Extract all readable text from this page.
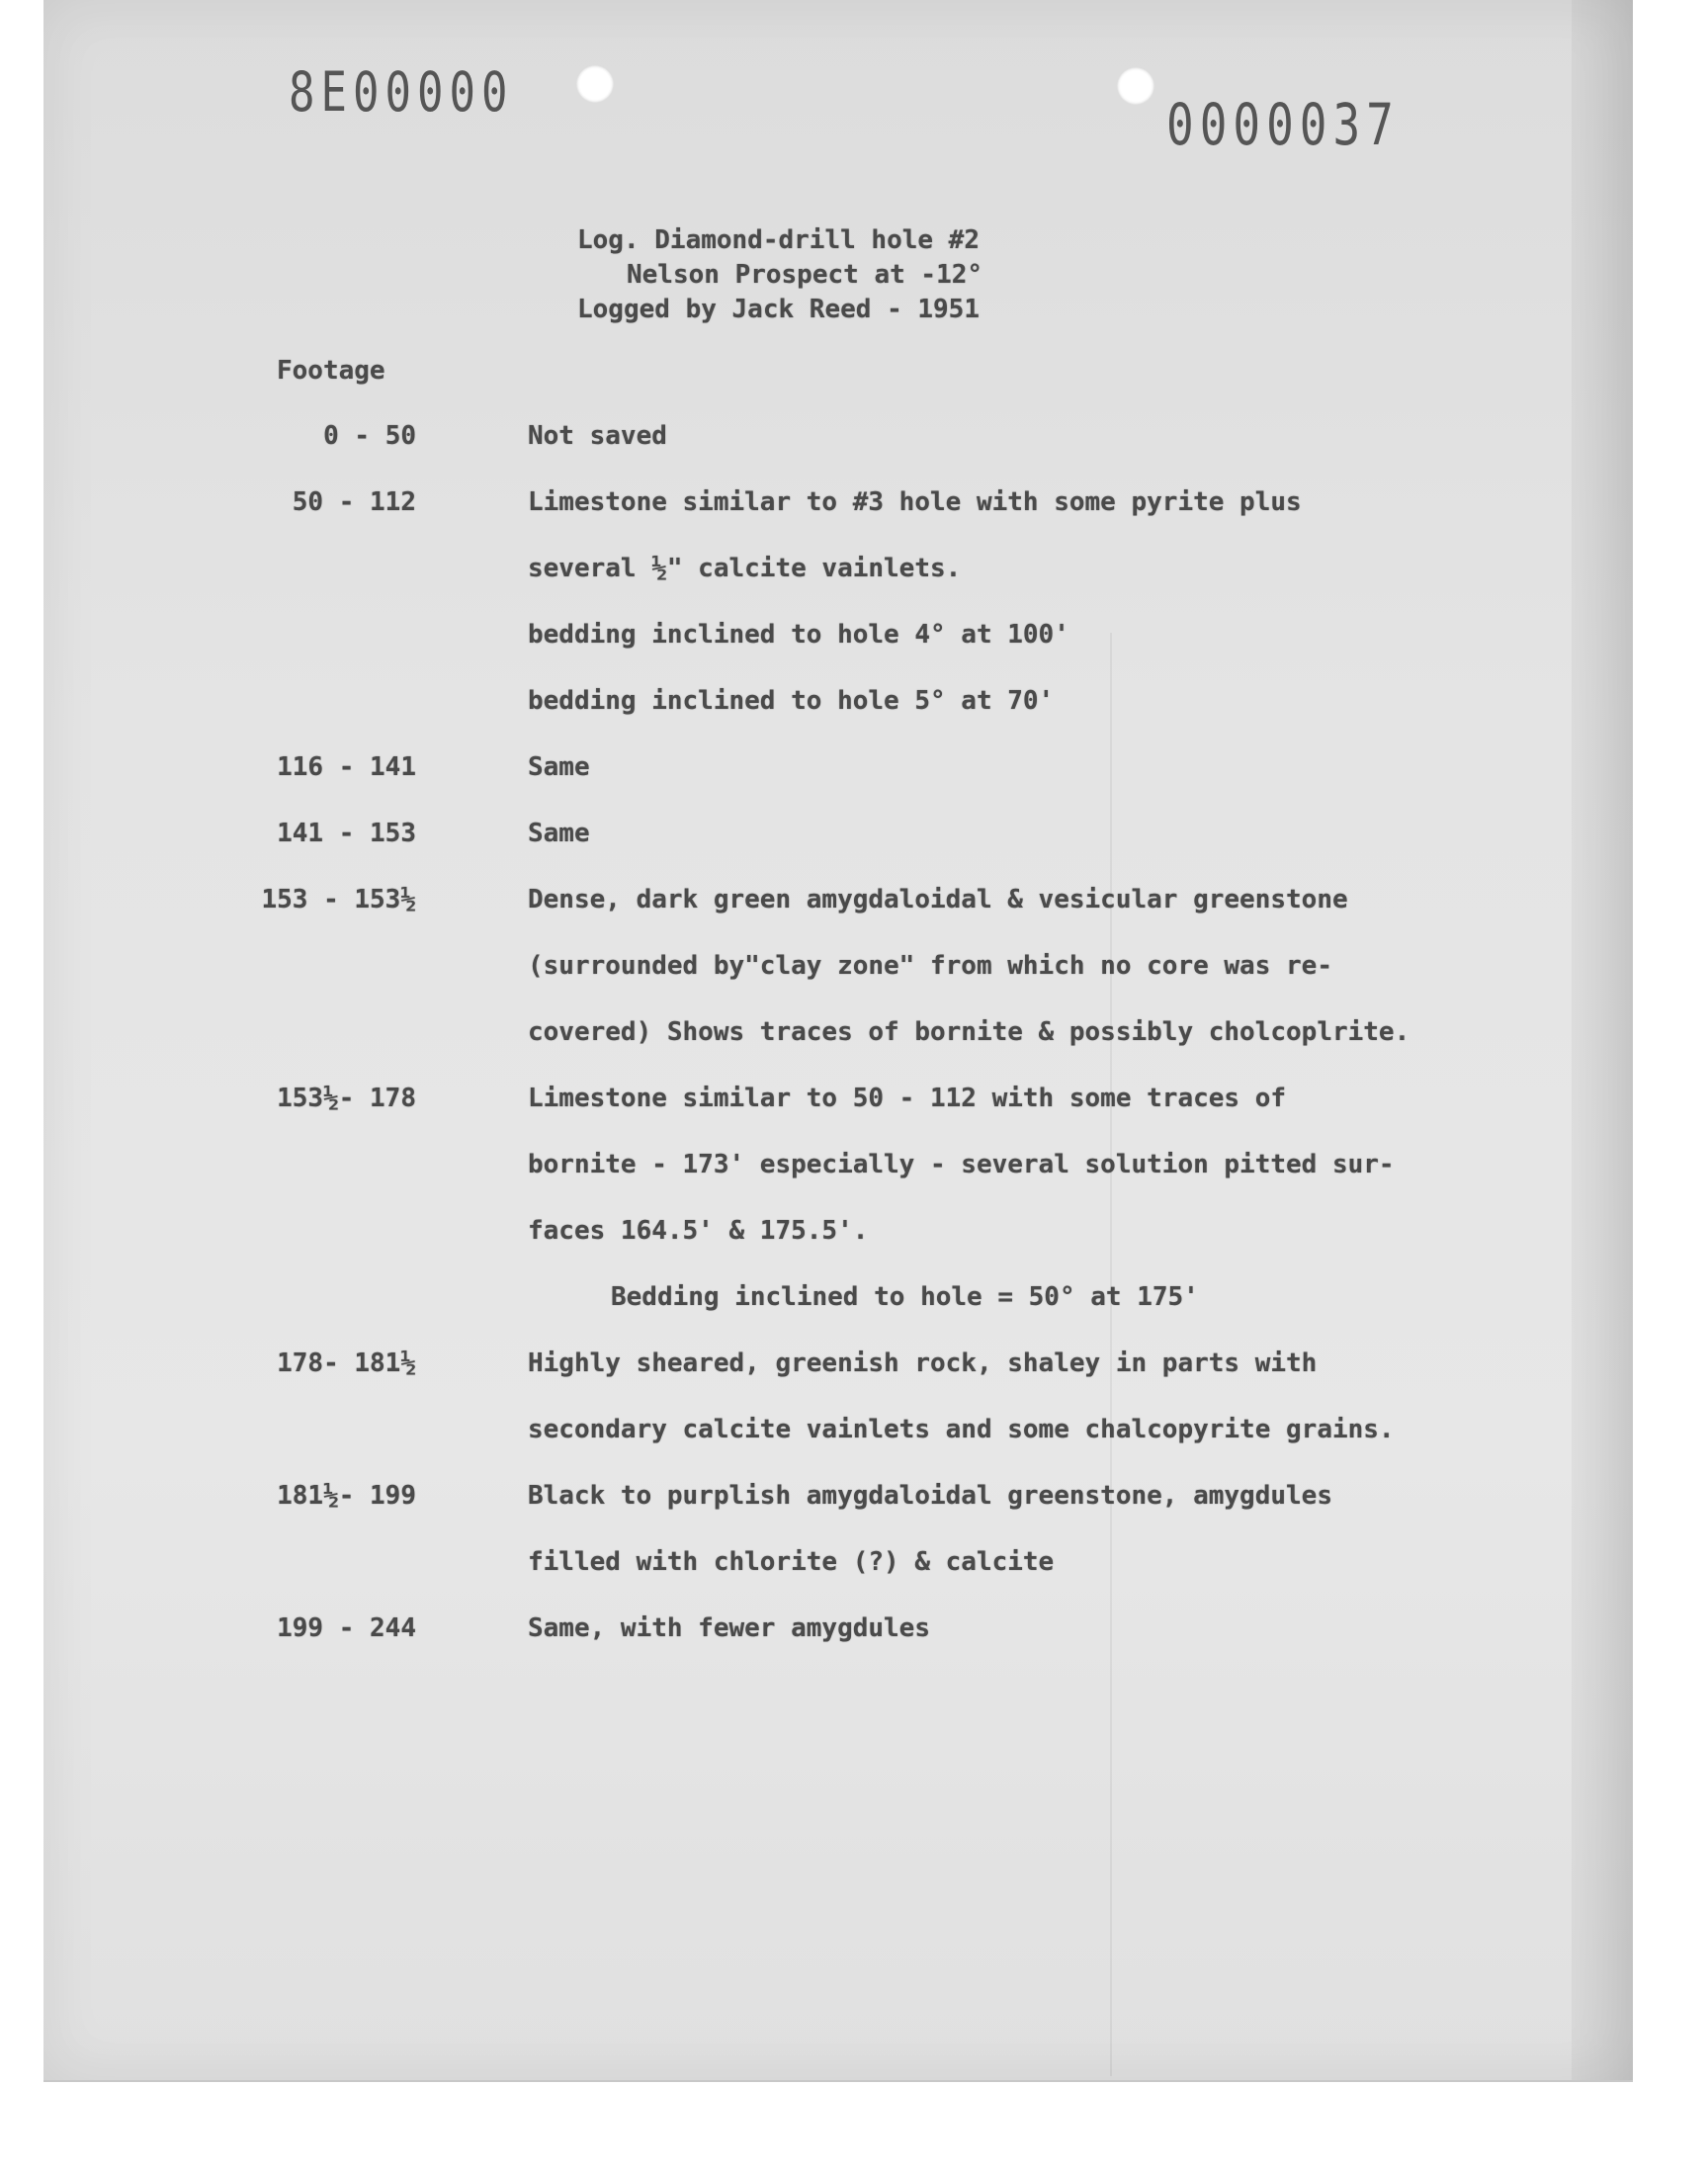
8E00000	0000037
Log. Diamond-drill hole #2
Nelson Prospect at -12°
Logged by Jack Reed - 1951
Footage
0 - 50	Not saved
50 - 112	Limestone similar to #3 hole with some pyrite plus
several ½" calcite vainlets.
bedding inclined to hole 4° at 100'
bedding inclined to hole 5° at 70'
116 - 141	Same
141 - 153	Same
153 - 153½	Dense, dark green amygdaloidal & vesicular greenstone
(surrounded by"clay zone" from which no core was re-
covered) Shows traces of bornite & possibly cholcoplrite.
153½- 178	Limestone similar to 50 - 112 with some traces of
bornite - 173' especially - several solution pitted sur-
faces 164.5' & 175.5'.
Bedding inclined to hole = 50° at 175'
178- 181½	Highly sheared, greenish rock, shaley in parts with
secondary calcite vainlets and some chalcopyrite grains.
181½- 199	Black to purplish amygdaloidal greenstone, amygdules
filled with chlorite (?) & calcite
199 - 244	Same, with fewer amygdules
